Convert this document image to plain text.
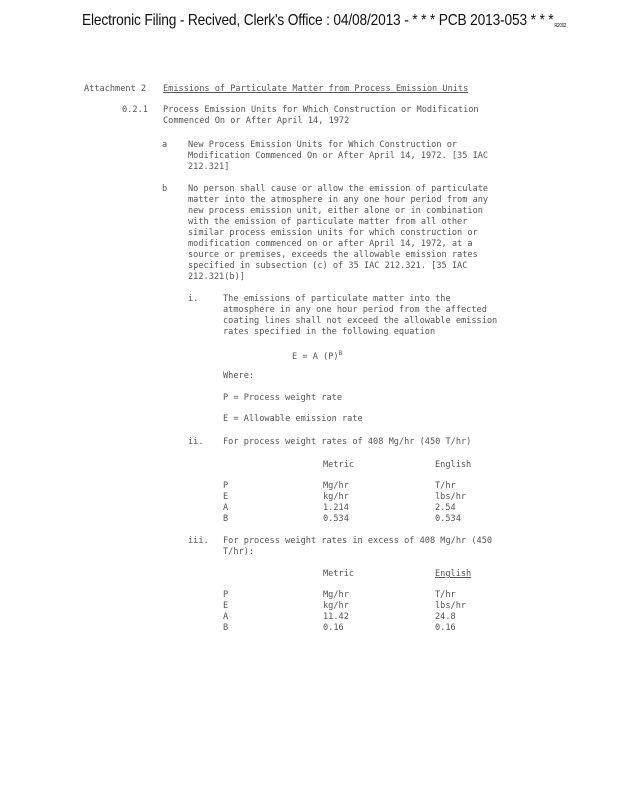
Electronic Filing - Recived, Clerk's Office : 04/08/2013 - * * * PCB 2013-053 * * $*_{R2002}$
Attachment 2 Emissions of Particulate Matter from Process Emission Units
0.2.1 Process Emission Units for Which Construction or Modification
Commenced On or After April 14, 1972
a New Process Emission Units for Which Construction or
Modification Commenced On or After April 14, 1972. [35 IAC
212.321]
b No person shall cause or allow the emission of particulate
matter into the atmosphere in any one hour period from any
new process emission unit, either alone or in combination
with the emission of particulate matter from all other
similar process emission units for which construction or
modification commenced on or after April 14, 1972, at a
source or premises, exceeds the allowable emission rates
specified in subsection (c) of 35 IAC 212.321. [35 IAC
212.321(b)]
i.	The emissions of particulate matter into the
atmosphere in any one hour period from the affected
coating lines shall not exceed the allowable emission
rates specified in the following equation
E = A $(P)^B$
Where:
P = Process weight rate
E = Allowable emission rate
ii. For process weight rates of 408 Mg/hr (450 T/hr)
Metric	English
P	Mg/hr	T/hr
E	kg/hr	lbs/hr
A	1.214	2.54
B	0.534	0.534
iii. For process weight rates in excess of 408 Mg/hr (450
T/hr):
Metric	English
P	Mg/hr	T/hr
E	kg/hr	lbs/hr
A	11.42	24.8
B	0.16	0.16
